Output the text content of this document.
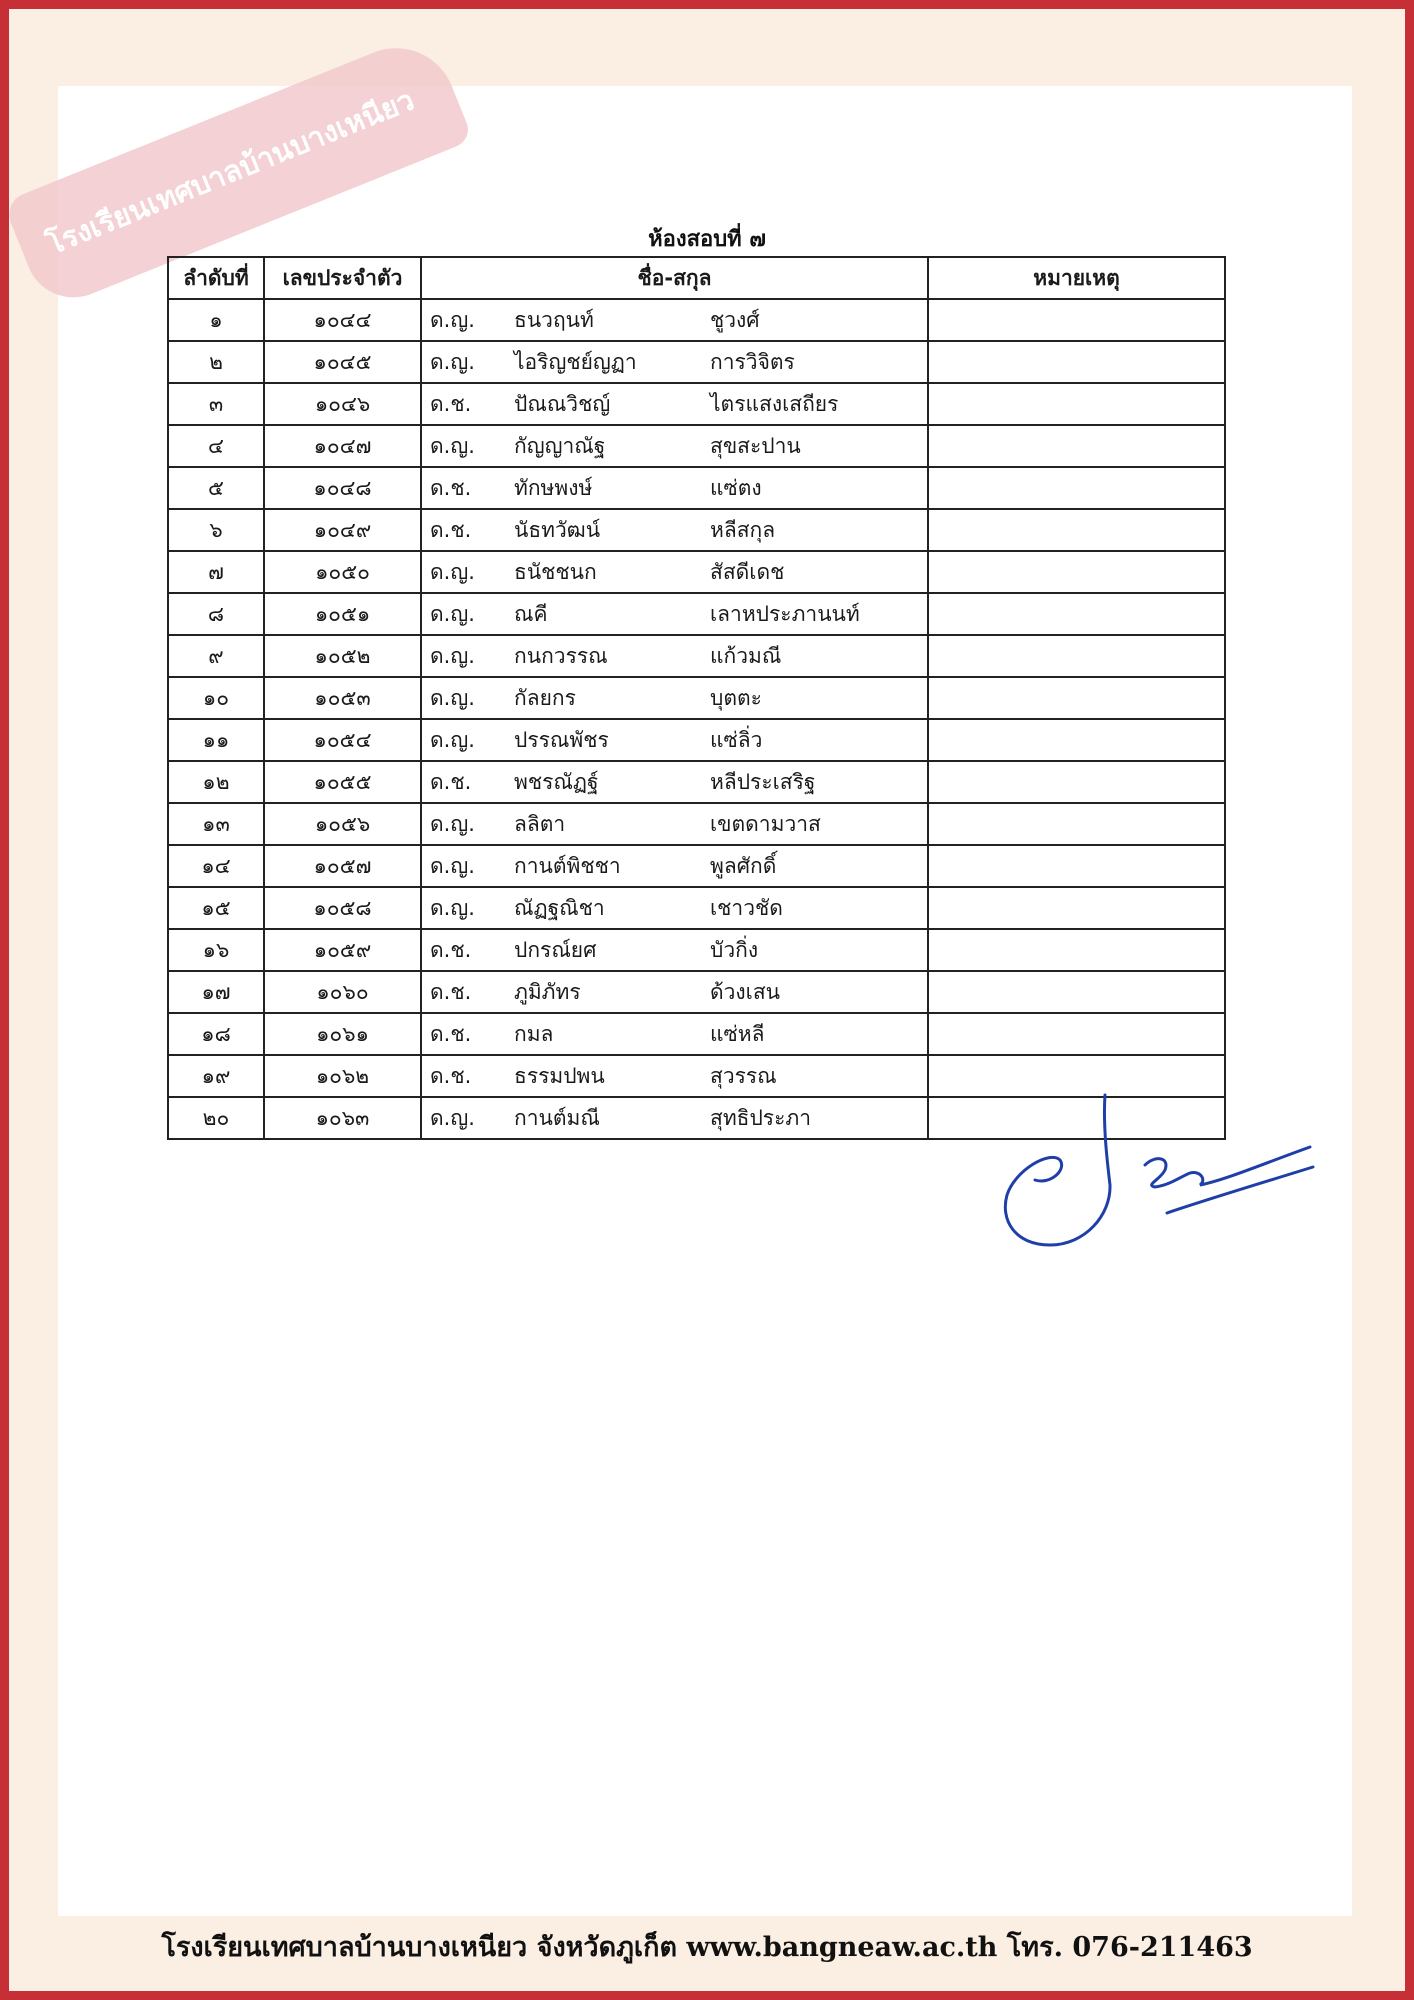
โรงเรียนเทศบาลบ้านบางเหนียว	ห้องสอบที่ ๗
ลำดับที่	เลขประจำตัว	ชื่อ-สกุล	หมายเหตุ
๑	๑๐๔๔	ด.ญ. ธนวฤนท์ ชูวงศ์	
๒	๑๐๔๕	ด.ญ. ไอริญชย์ญฏา การวิจิตร	
๓	๑๐๔๖	ด.ช. ปัณณวิชญ์ ไตรแสงเสถียร	
๔	๑๐๔๗	ด.ญ. กัญญาณัฐ สุขสะปาน	
๕	๑๐๔๘	ด.ช. ทักษพงษ์ แซ่ตง	
๖	๑๐๔๙	ด.ช. นัธทวัฒน์ หลีสกุล	
๗	๑๐๕๐	ด.ญ. ธนัชชนก สัสดีเดช	
๘	๑๐๕๑	ด.ญ. ณคี เลาหประภานนท์	
๙	๑๐๕๒	ด.ญ. กนกวรรณ แก้วมณี	
๑๐	๑๐๕๓	ด.ญ. กัลยกร บุตตะ	
๑๑	๑๐๕๔	ด.ญ. ปรรณพัชร แซ่ลิ่ว	
๑๒	๑๐๕๕	ด.ช. พชรณัฏฐ์ หลีประเสริฐ	
๑๓	๑๐๕๖	ด.ญ. ลลิตา เขตดามวาส	
๑๔	๑๐๕๗	ด.ญ. กานต์พิชชา พูลศักดิ์	
๑๕	๑๐๕๘	ด.ญ. ณัฏฐณิชา เชาวชัด	
๑๖	๑๐๕๙	ด.ช. ปกรณ์ยศ บัวกิ่ง	
๑๗	๑๐๖๐	ด.ช. ภูมิภัทร ด้วงเสน	
๑๘	๑๐๖๑	ด.ช. กมล แซ่หลี	
๑๙	๑๐๖๒	ด.ช. ธรรมปพน สุวรรณ	
๒๐	๑๐๖๓	ด.ญ. กานต์มณี สุทธิประภา	
โรงเรียนเทศบาลบ้านบางเหนียว จังหวัดภูเก็ต www.bangneaw.ac.th โทร. 076-211463
